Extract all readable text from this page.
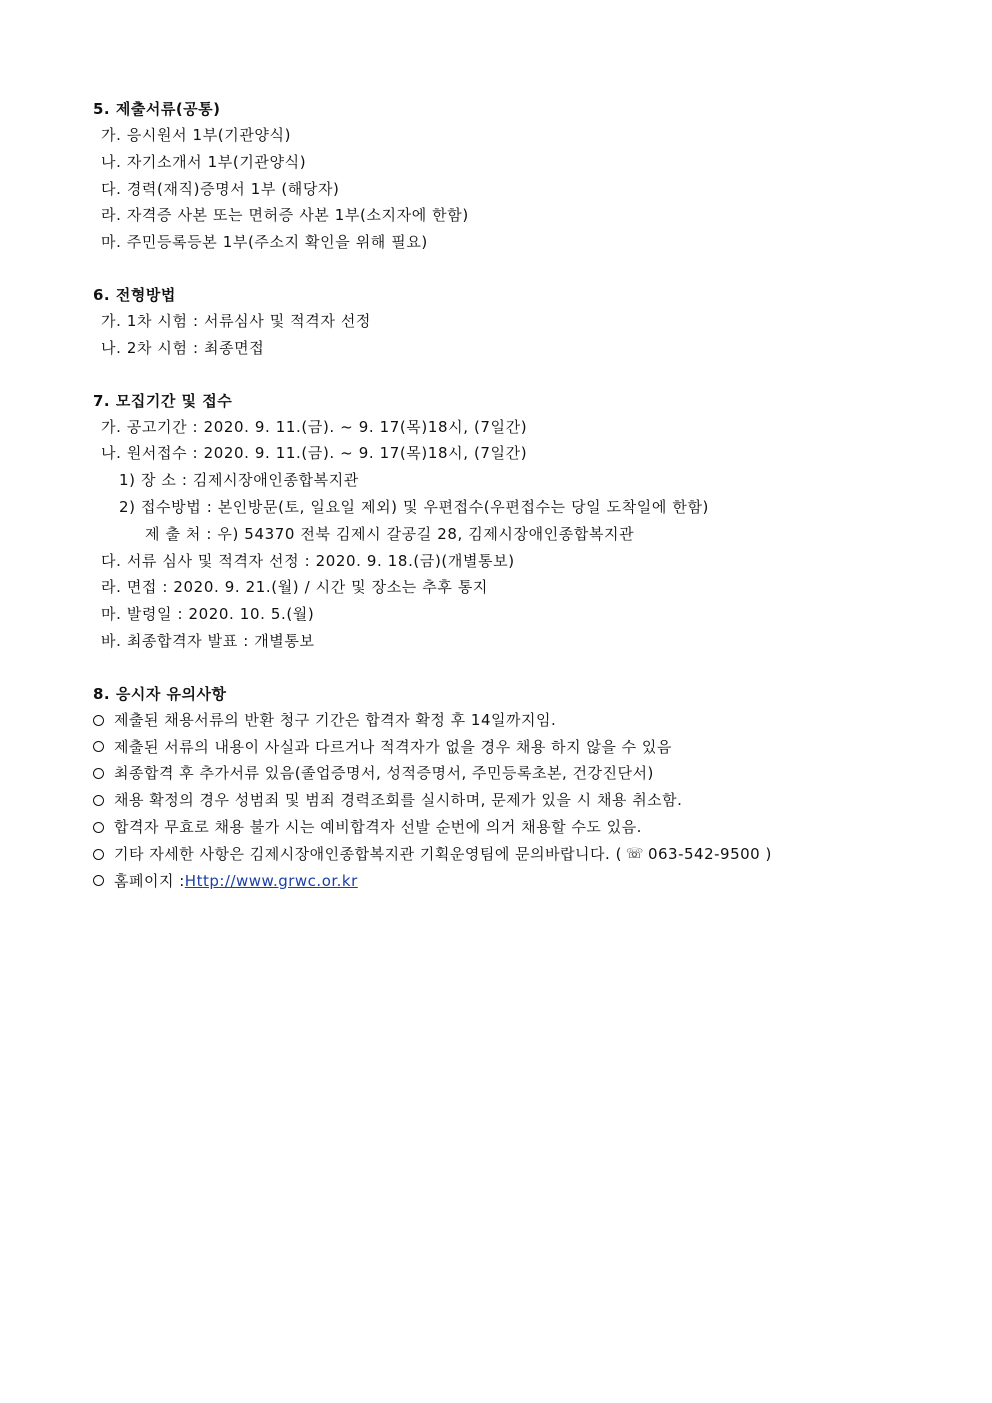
5. 제출서류(공통)
가. 응시원서 1부(기관양식)
나. 자기소개서 1부(기관양식)
다. 경력(재직)증명서 1부 (해당자)
라. 자격증 사본 또는 면허증 사본 1부(소지자에 한함)
마. 주민등록등본 1부(주소지 확인을 위해 필요)
6. 전형방법
가. 1차 시험 : 서류심사 및 적격자 선정
나. 2차 시험 : 최종면접
7. 모집기간 및 접수
가. 공고기간 : 2020. 9. 11.(금). ~ 9. 17(목)18시, (7일간)
나. 원서접수 : 2020. 9. 11.(금). ~ 9. 17(목)18시, (7일간)
1) 장 소 : 김제시장애인종합복지관
2) 접수방법 : 본인방문(토, 일요일 제외) 및 우편접수(우편접수는 당일 도착일에 한함)
제 출 처 : 우) 54370 전북 김제시 갈공길 28, 김제시장애인종합복지관
다. 서류 심사 및 적격자 선정 : 2020. 9. 18.(금)(개별통보)
라. 면접 : 2020. 9. 21.(월) / 시간 및 장소는 추후 통지
마. 발령일 : 2020. 10. 5.(월)
바. 최종합격자 발표 : 개별통보
8. 응시자 유의사항
제출된 채용서류의 반환 청구 기간은 합격자 확정 후 14일까지임.
제출된 서류의 내용이 사실과 다르거나 적격자가 없을 경우 채용 하지 않을 수 있음
최종합격 후 추가서류 있음(졸업증명서, 성적증명서, 주민등록초본, 건강진단서)
채용 확정의 경우 성범죄 및 범죄 경력조회를 실시하며, 문제가 있을 시 채용 취소함.
합격자 무효로 채용 불가 시는 예비합격자 선발 순번에 의거 채용할 수도 있음.
기타 자세한 사항은 김제시장애인종합복지관 기획운영팀에 문의바랍니다. ( ☏ 063-542-9500 )
홈페이지 : Http://www.grwc.or.kr
